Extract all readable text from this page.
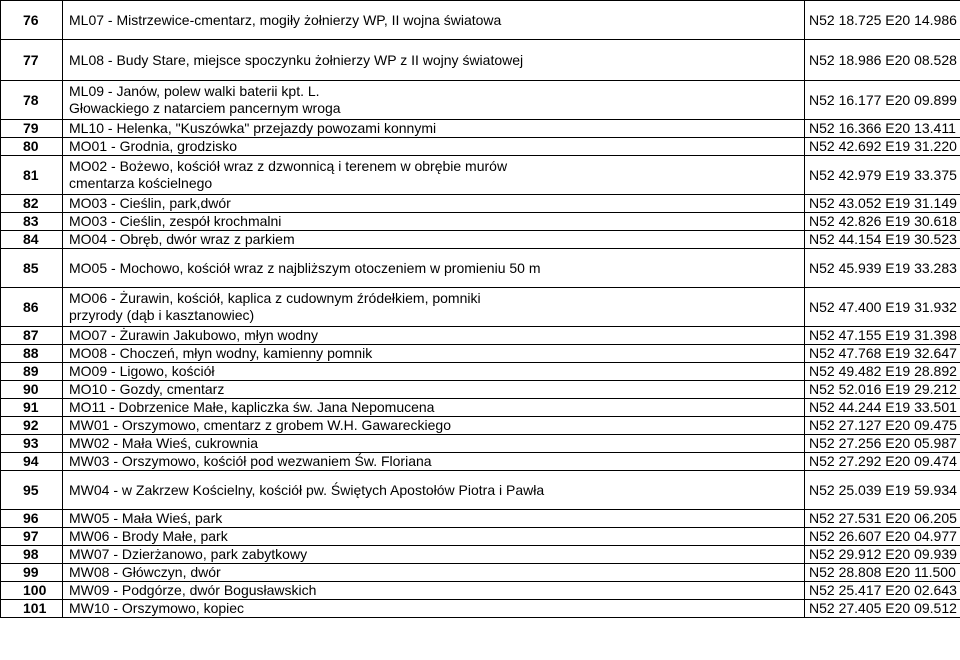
76	ML07 - Mistrzewice-cmentarz, mogiły żołnierzy WP, II wojna światowa	N52 18.725 E20 14.986
77	ML08 - Budy Stare, miejsce spoczynku żołnierzy WP z II wojny światowej	N52 18.986 E20 08.528
78	ML09 - Janów, polew walki baterii kpt. L. Głowackiego z natarciem pancernym wroga	N52 16.177 E20 09.899
79	ML10 - Helenka, "Kuszówka" przejazdy powozami konnymi	N52 16.366 E20 13.411
80	MO01 - Grodnia, grodzisko	N52 42.692 E19 31.220
81	MO02 - Bożewo, kościół wraz z dzwonnicą i terenem w obrębie murów cmentarza kościelnego	N52 42.979 E19 33.375
82	MO03 - Cieślin, park,dwór	N52 43.052 E19 31.149
83	MO03 - Cieślin, zespół krochmalni	N52 42.826 E19 30.618
84	MO04 - Obręb, dwór wraz z parkiem	N52 44.154 E19 30.523
85	MO05 - Mochowo, kościół wraz z najbliższym otoczeniem w promieniu 50 m	N52 45.939 E19 33.283
86	MO06 - Żurawin, kościół, kaplica z cudownym źródełkiem, pomniki przyrody (dąb i kasztanowiec)	N52 47.400 E19 31.932
87	MO07 - Żurawin Jakubowo, młyn wodny	N52 47.155 E19 31.398
88	MO08 - Choczeń, młyn wodny, kamienny pomnik	N52 47.768 E19 32.647
89	MO09 - Ligowo, kościół	N52 49.482 E19 28.892
90	MO10 - Gozdy, cmentarz	N52 52.016 E19 29.212
91	MO11 - Dobrzenice Małe, kapliczka św. Jana Nepomucena	N52 44.244 E19 33.501
92	MW01 - Orszymowo, cmentarz z grobem W.H. Gawareckiego	N52 27.127 E20 09.475
93	MW02 - Mała Wieś, cukrownia	N52 27.256 E20 05.987
94	MW03 - Orszymowo, kościół pod wezwaniem Św. Floriana	N52 27.292 E20 09.474
95	MW04 - w Zakrzew Kościelny, kościół pw. Świętych Apostołów Piotra i Pawła	N52 25.039 E19 59.934
96	MW05 - Mała Wieś, park	N52 27.531 E20 06.205
97	MW06 - Brody Małe, park	N52 26.607 E20 04.977
98	MW07 - Dzierżanowo, park zabytkowy	N52 29.912 E20 09.939
99	MW08 - Główczyn, dwór	N52 28.808 E20 11.500
100	MW09 - Podgórze, dwór Bogusławskich	N52 25.417 E20 02.643
101	MW10 - Orszymowo, kopiec	N52 27.405 E20 09.512
